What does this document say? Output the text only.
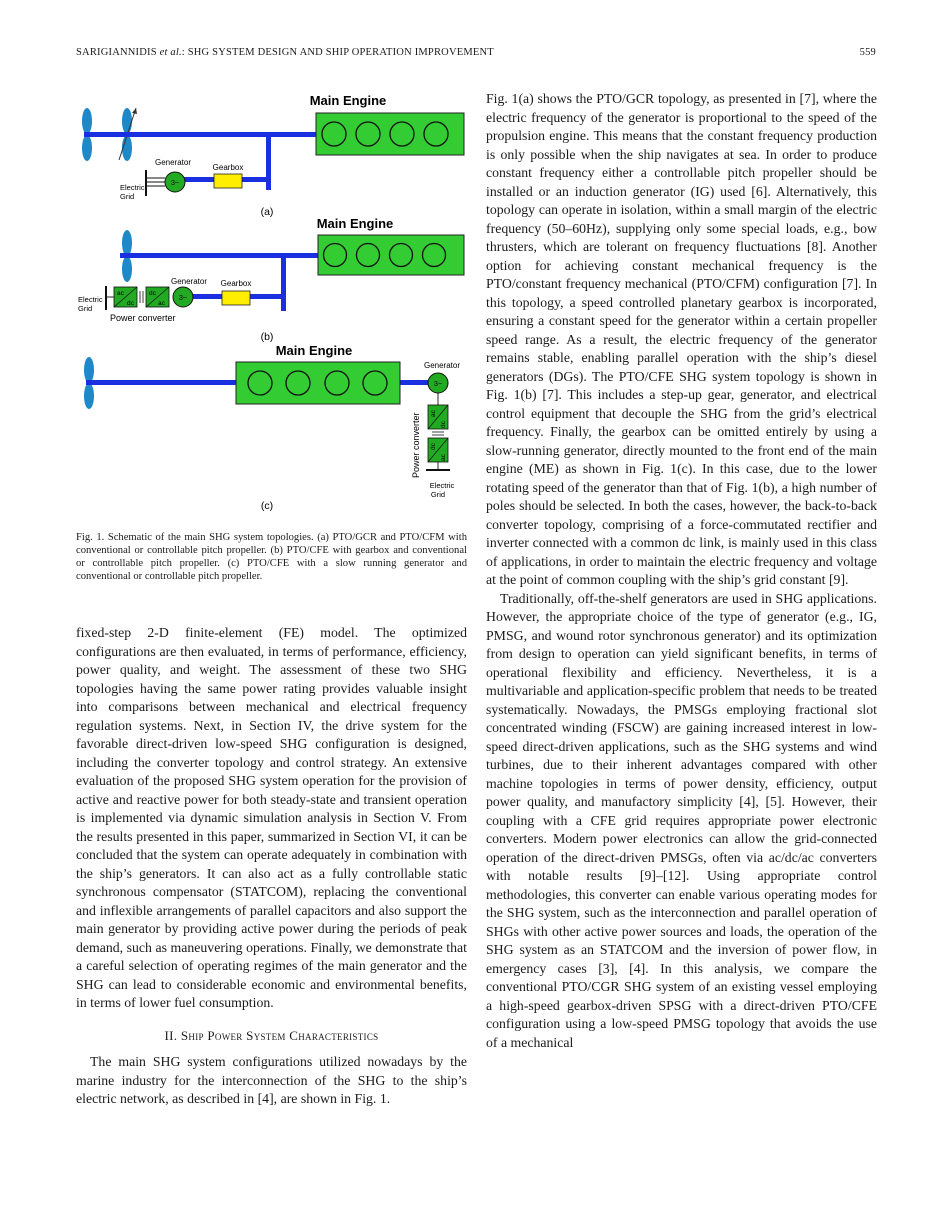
SARIGIANNIDIS et al.: SHG SYSTEM DESIGN AND SHIP OPERATION IMPROVEMENT	559
Main Engine
Gearbox
3~
Generator
Electric
Grid
(a)
Main Engine
Gearbox
3~
Generator
ac
dc
dc
ac
Electric
Grid
Power converter
(b)
Main Engine
3~
Generator
ac
dc
dc
ac
Power converter
Electric
Grid
(c)
Fig. 1. Schematic of the main SHG system topologies. (a) PTO/GCR and PTO/CFM with conventional or controllable pitch propeller. (b) PTO/CFE with gearbox and conventional or controllable pitch propeller. (c) PTO/CFE with a slow running generator and conventional or controllable pitch propeller.

fixed-step 2-D finite-element (FE) model. The optimized configurations are then evaluated, in terms of performance, efficiency, power quality, and weight. The assessment of these two SHG topologies having the same power rating provides valuable insight into comparisons between mechanical and electrical frequency regulation systems. Next, in Section IV, the drive system for the favorable direct-driven low-speed SHG configuration is designed, including the converter topology and control strategy. An extensive evaluation of the proposed SHG system operation for the provision of active and reactive power for both steady-state and transient operation is implemented via dynamic simulation analysis in Section V. From the results presented in this paper, summarized in Section VI, it can be concluded that the system can operate adequately in combination with the ship’s generators. It can also act as a fully controllable static synchronous compensator (STATCOM), replacing the conventional and inflexible arrangements of parallel capacitors and also support the main generator by providing active power during the periods of peak demand, such as maneuvering operations. Finally, we demonstrate that a careful selection of operating regimes of the main generator and the SHG can lead to considerable economic and environmental benefits, in terms of lower fuel consumption.

II. Ship Power System Characteristics

The main SHG system configurations utilized nowadays by the marine industry for the interconnection of the SHG to the ship’s electric network, as described in [4], are shown in Fig. 1.

Fig. 1(a) shows the PTO/GCR topology, as presented in [7], where the electric frequency of the generator is proportional to the speed of the propulsion engine. This means that the constant frequency production is only possible when the ship navigates at sea. In order to produce constant frequency either a controllable pitch propeller should be installed or an induction generator (IG) used [6]. Alternatively, this topology can operate in isolation, within a small margin of the electric frequency (50–60Hz), supplying only some special loads, e.g., bow thrusters, which are tolerant on frequency fluctuations [8]. Another option for achieving constant mechanical frequency is the PTO/constant frequency mechanical (PTO/CFM) configuration [7]. In this topology, a speed controlled planetary gearbox is incorporated, ensuring a constant speed for the generator within a certain propeller speed range. As a result, the electric frequency of the generator remains stable, enabling parallel operation with the ship’s diesel generators (DGs). The PTO/CFE SHG system topology is shown in Fig. 1(b) [7]. This includes a step-up gear, generator, and electrical control equipment that decouple the SHG from the grid’s electrical frequency. Finally, the gearbox can be omitted entirely by using a slow-running generator, directly mounted to the front end of the main engine (ME) as shown in Fig. 1(c). In this case, due to the lower rotating speed of the generator than that of Fig. 1(b), a high number of poles should be selected. In both the cases, however, the back-to-back converter topology, comprising of a force-commutated rectifier and inverter connected with a common dc link, is mainly used in this class of applications, in order to maintain the electric frequency and voltage at the point of common coupling with the ship’s grid constant [9].

Traditionally, off-the-shelf generators are used in SHG applications. However, the appropriate choice of the type of generator (e.g., IG, PMSG, and wound rotor synchronous generator) and its optimization from design to operation can yield significant benefits, in terms of operational flexibility and efficiency. Nevertheless, it is a multivariable and application-specific problem that needs to be treated systematically. Nowadays, the PMSGs employing fractional slot concentrated winding (FSCW) are gaining increased interest in low-speed direct-driven applications, such as the SHG systems and wind turbines, due to their inherent advantages compared with other machine topologies in terms of power density, efficiency, output power quality, and manufactory simplicity [4], [5]. However, their coupling with a CFE grid requires appropriate power electronic converters. Modern power electronics can allow the grid-connected operation of the direct-driven PMSGs, often via ac/dc/ac converters with notable results [9]–[12]. Using appropriate control methodologies, this converter can enable various operating modes for the SHG system, such as the interconnection and parallel operation of SHGs with other active power sources and loads, the operation of the SHG system as an STATCOM and the inversion of power flow, in emergency cases [3], [4]. In this analysis, we compare the conventional PTO/CGR SHG system of an existing vessel employing a high-speed gearbox-driven SPSG with a direct-driven PTO/CFE configuration using a low-speed PMSG topology that avoids the use of a mechanical
